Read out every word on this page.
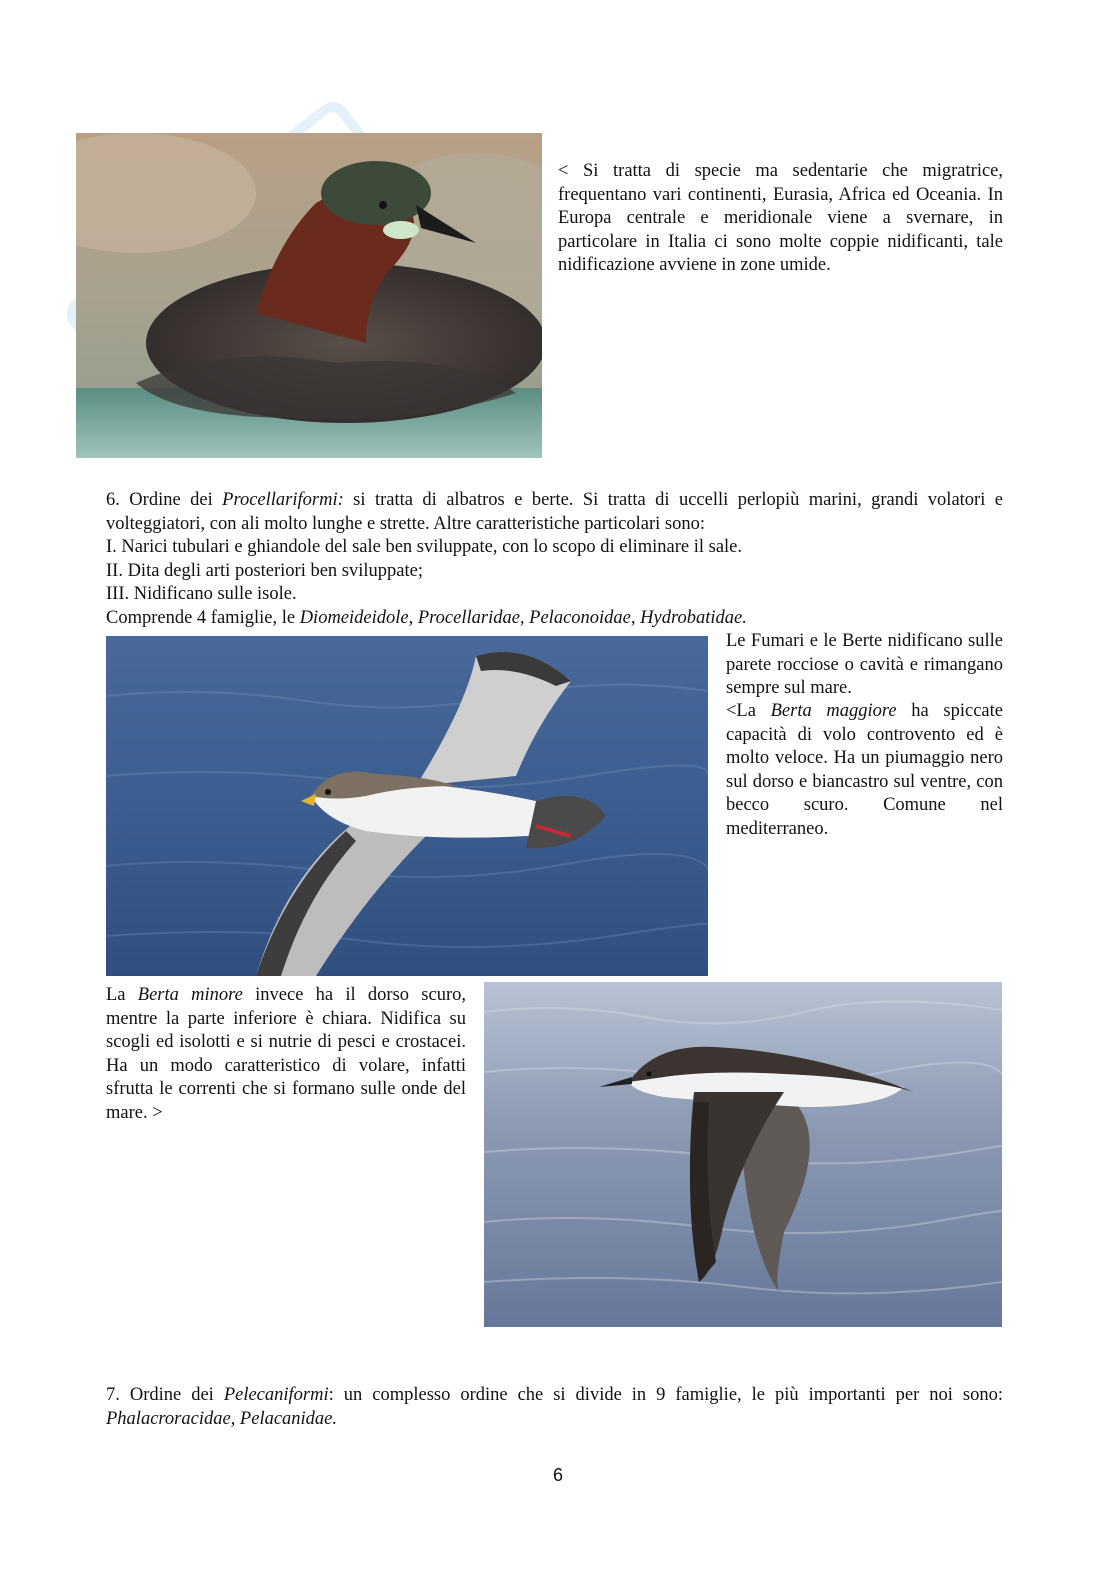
< Si tratta di specie ma sedentarie che migratrice, frequentano vari continenti, Eurasia, Africa ed Oceania. In Europa centrale e meridionale viene a svernare, in particolare in Italia ci sono molte coppie nidificanti, tale nidificazione avviene in zone umide.
6. Ordine dei Procellariformi: si tratta di albatros e berte. Si tratta di uccelli perlopiù marini, grandi volatori e volteggiatori, con ali molto lunghe e strette. Altre caratteristiche particolari sono:
I. Narici tubulari e ghiandole del sale ben sviluppate, con lo scopo di eliminare il sale.
II. Dita degli arti posteriori ben sviluppate;
III. Nidificano sulle isole.
Comprende 4 famiglie, le Diomeideidole, Procellaridae, Pelaconoidae, Hydrobatidae.
Le Fumari e le Berte nidificano sulle parete rocciose o cavità e rimangano sempre sul mare.
<La Berta maggiore ha spiccate capacità di volo controvento ed è molto veloce. Ha un piumaggio nero sul dorso e biancastro sul ventre, con becco scuro. Comune nel mediterraneo.
La Berta minore invece ha il dorso scuro, mentre la parte inferiore è chiara. Nidifica su scogli ed isolotti e si nutrie di pesci e crostacei. Ha un modo caratteristico di volare, infatti sfrutta le correnti che si formano sulle onde del mare. >
7. Ordine dei Pelecaniformi: un complesso ordine che si divide in 9 famiglie, le più importanti per noi sono: Phalacroracidae, Pelacanidae.
6
